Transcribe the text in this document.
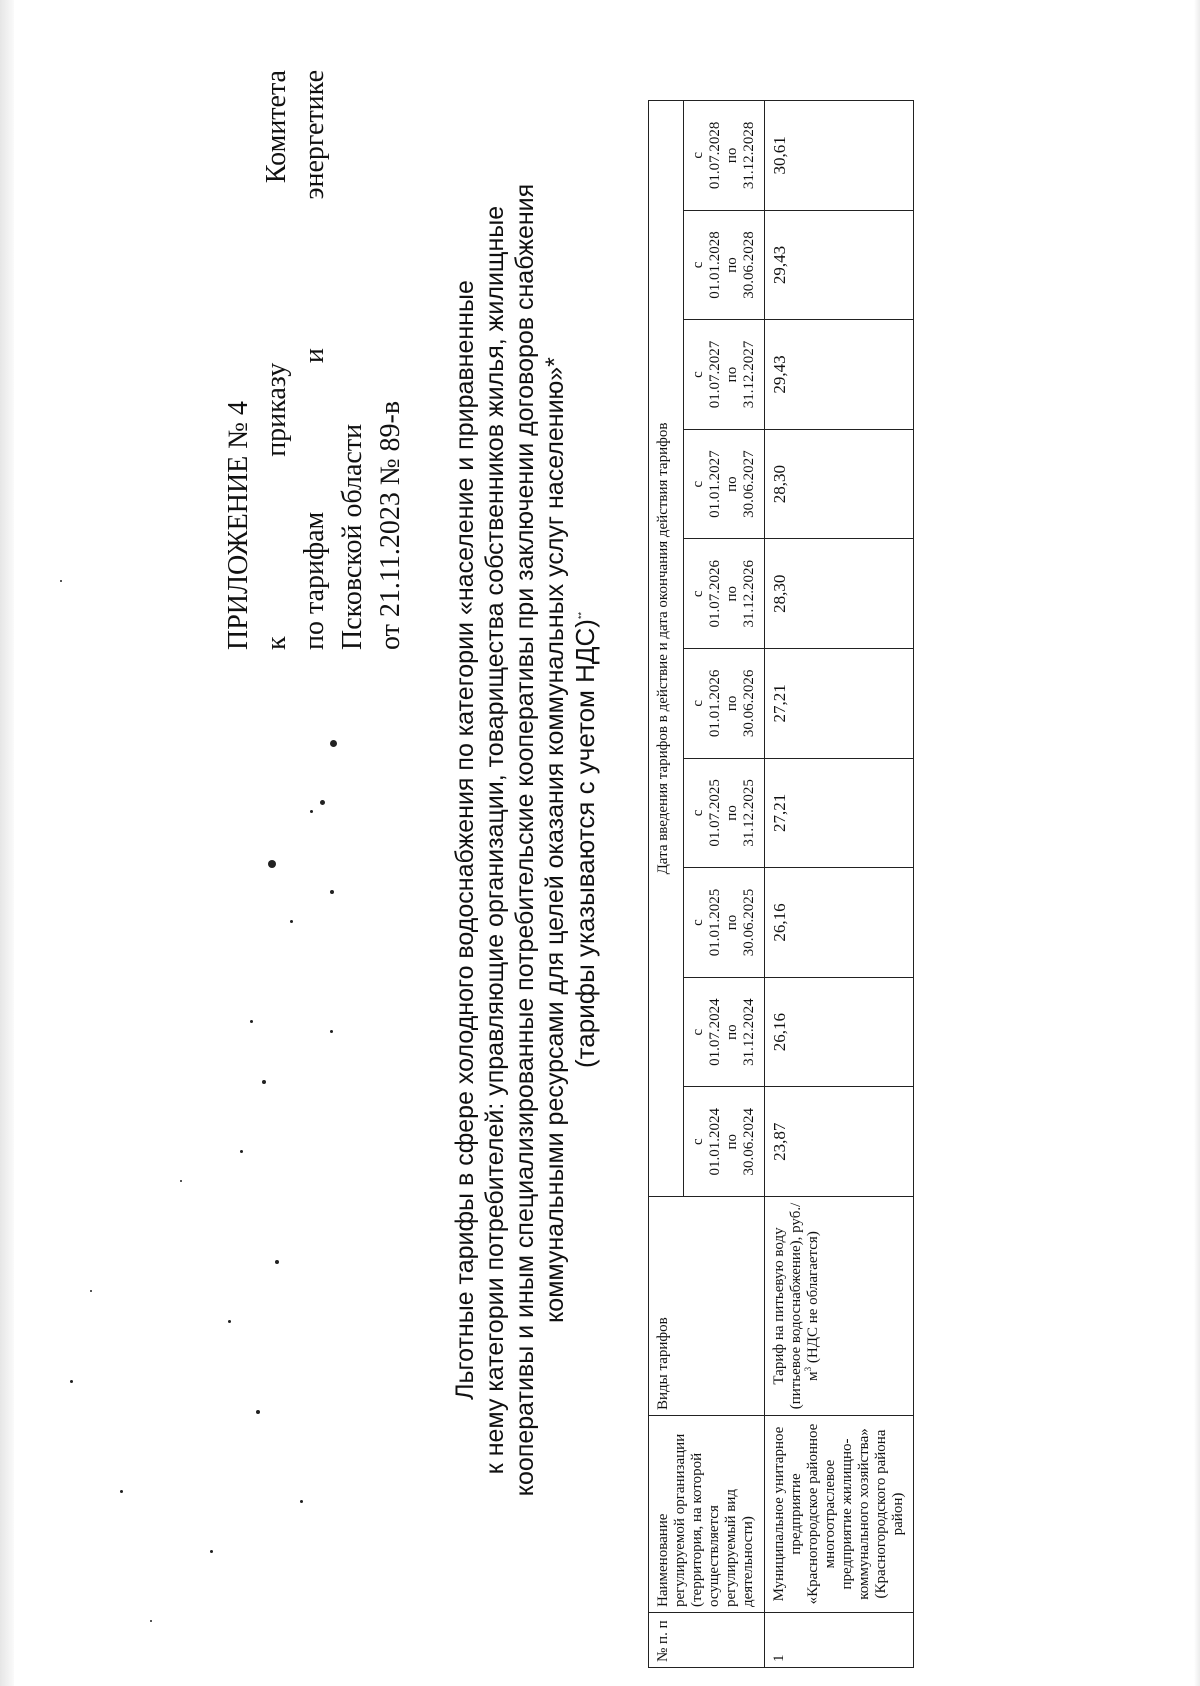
ПРИЛОЖЕНИЕ № 4 к
приказу
Комитета
по тарифам
и
энергетике
Псковской области от 21.11.2023 № 89-в Льготные тарифы в сфере холодного водоснабжения по категории «население и приравненные к нему категории потребителей: управляющие организации, товарищества собственников жилья, жилищные кооперативы и иным специализированные потребительские кооперативы при заключении договоров снабжения коммунальными ресурсами для целей оказания коммунальных услуг населению»* (тарифы указываются с учетом НДС)**
№ п. п	Наименование регулируемой организации (территория, на которой осуществляется регулируемый вид деятельности)	Виды тарифов	Дата введения тарифов в действие и дата окончания действия тарифов									

			с 01.01.2024 по 30.06.2024	с 01.07.2024 по 31.12.2024	с 01.01.2025 по 30.06.2025	с 01.07.2025 по 31.12.2025	с 01.01.2026 по 30.06.2026	с 01.07.2026 по 31.12.2026	с 01.01.2027 по 30.06.2027	с 01.07.2027 по 31.12.2027	с 01.01.2028 по 30.06.2028	с 01.07.2028 по 31.12.2028

1	Муниципальное унитарное предприятие «Красногородское районное многоотраслевое предприятие жилищно-коммунального хозяйства» (Красногородского района район)	Тариф на питьевую воду (питьевое водоснабжение), $руб./м^3$ (НДС не облагается)	23,87	26,16	26,16	27,21	27,21	28,30	28,30	29,43	29,43	30,61
